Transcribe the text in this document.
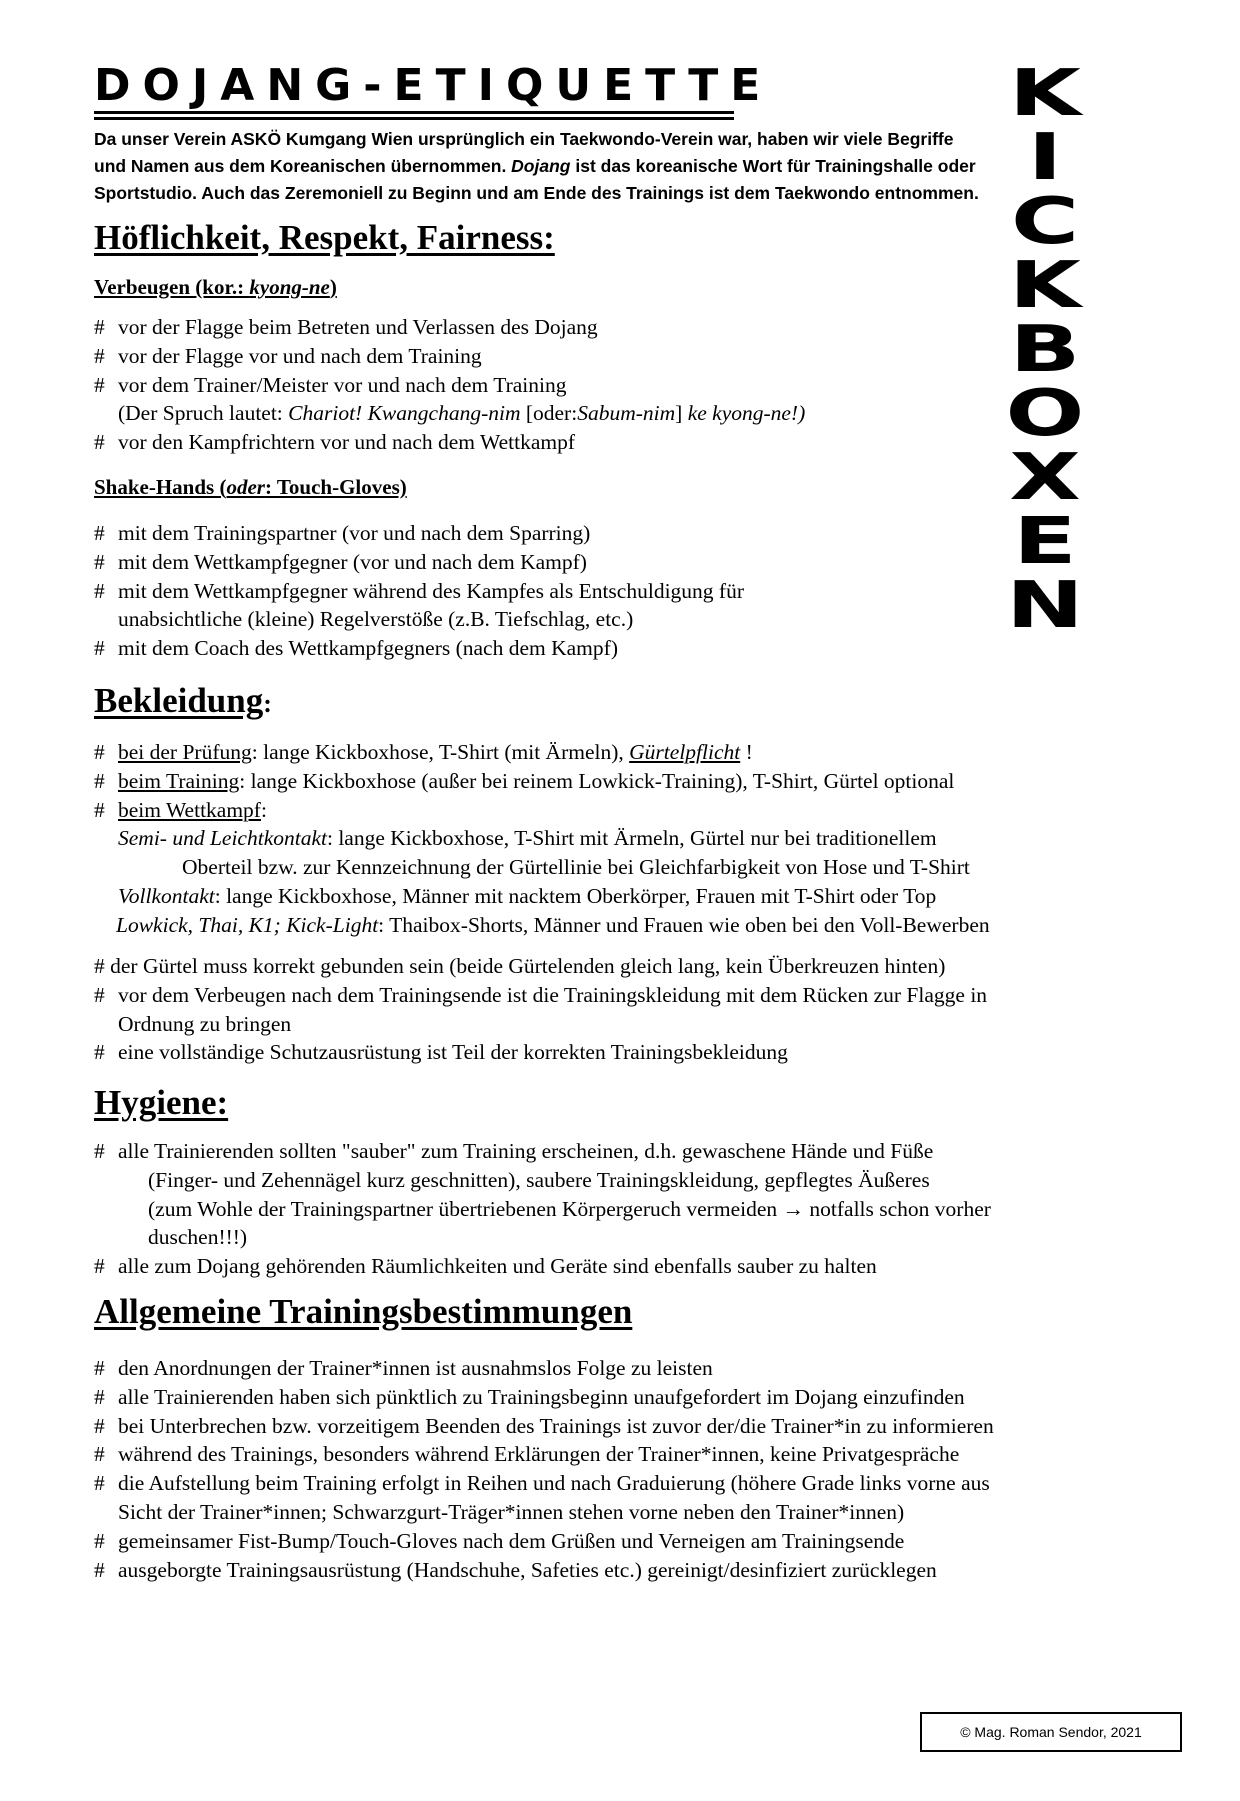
DOJANG-ETIQUETTE
Da unser Verein ASKÖ Kumgang Wien ursprünglich ein Taekwondo-Verein war, haben wir viele Begriffe
und Namen aus dem Koreanischen übernommen. Dojang ist das koreanische Wort für Trainingshalle oder
Sportstudio. Auch das Zeremoniell zu Beginn und am Ende des Trainings ist dem Taekwondo entnommen.
K
I
C
K
B
O
X
E
N
Höflichkeit, Respekt, Fairness:
Verbeugen (kor.: kyong-ne)
# vor der Flagge beim Betreten und Verlassen des Dojang
# vor der Flagge vor und nach dem Training
# vor dem Trainer/Meister vor und nach dem Training
(Der Spruch lautet: Chariot! Kwangchang-nim [oder:Sabum-nim] ke kyong-ne!)
# vor den Kampfrichtern vor und nach dem Wettkampf
Shake-Hands (oder: Touch-Gloves)
# mit dem Trainingspartner (vor und nach dem Sparring)
# mit dem Wettkampfgegner (vor und nach dem Kampf)
# mit dem Wettkampfgegner während des Kampfes als Entschuldigung für
unabsichtliche (kleine) Regelverstöße (z.B. Tiefschlag, etc.)
# mit dem Coach des Wettkampfgegners (nach dem Kampf)
Bekleidung:
# bei der Prüfung: lange Kickboxhose, T-Shirt (mit Ärmeln), Gürtelpflicht !
# beim Training: lange Kickboxhose (außer bei reinem Lowkick-Training), T-Shirt, Gürtel optional
# beim Wettkampf:
Semi- und Leichtkontakt: lange Kickboxhose, T-Shirt mit Ärmeln, Gürtel nur bei traditionellem
Oberteil bzw. zur Kennzeichnung der Gürtellinie bei Gleichfarbigkeit von Hose und T-Shirt
Vollkontakt: lange Kickboxhose, Männer mit nacktem Oberkörper, Frauen mit T-Shirt oder Top
Lowkick, Thai, K1; Kick-Light: Thaibox-Shorts, Männer und Frauen wie oben bei den Voll-Bewerben
# der Gürtel muss korrekt gebunden sein (beide Gürtelenden gleich lang, kein Überkreuzen hinten)
# vor dem Verbeugen nach dem Trainingsende ist die Trainingskleidung mit dem Rücken zur Flagge in
Ordnung zu bringen
# eine vollständige Schutzausrüstung ist Teil der korrekten Trainingsbekleidung
Hygiene:
# alle Trainierenden sollten "sauber" zum Training erscheinen, d.h. gewaschene Hände und Füße
(Finger- und Zehennägel kurz geschnitten), saubere Trainingskleidung, gepflegtes Äußeres
(zum Wohle der Trainingspartner übertriebenen Körpergeruch vermeiden → notfalls schon vorher
duschen!!!)
# alle zum Dojang gehörenden Räumlichkeiten und Geräte sind ebenfalls sauber zu halten
Allgemeine Trainingsbestimmungen
# den Anordnungen der Trainer*innen ist ausnahmslos Folge zu leisten
# alle Trainierenden haben sich pünktlich zu Trainingsbeginn unaufgefordert im Dojang einzufinden
# bei Unterbrechen bzw. vorzeitigem Beenden des Trainings ist zuvor der/die Trainer*in zu informieren
# während des Trainings, besonders während Erklärungen der Trainer*innen, keine Privatgespräche
# die Aufstellung beim Training erfolgt in Reihen und nach Graduierung (höhere Grade links vorne aus
Sicht der Trainer*innen; Schwarzgurt-Träger*innen stehen vorne neben den Trainer*innen)
# gemeinsamer Fist-Bump/Touch-Gloves nach dem Grüßen und Verneigen am Trainingsende
# ausgeborgte Trainingsausrüstung (Handschuhe, Safeties etc.) gereinigt/desinfiziert zurücklegen
© Mag. Roman Sendor, 2021
